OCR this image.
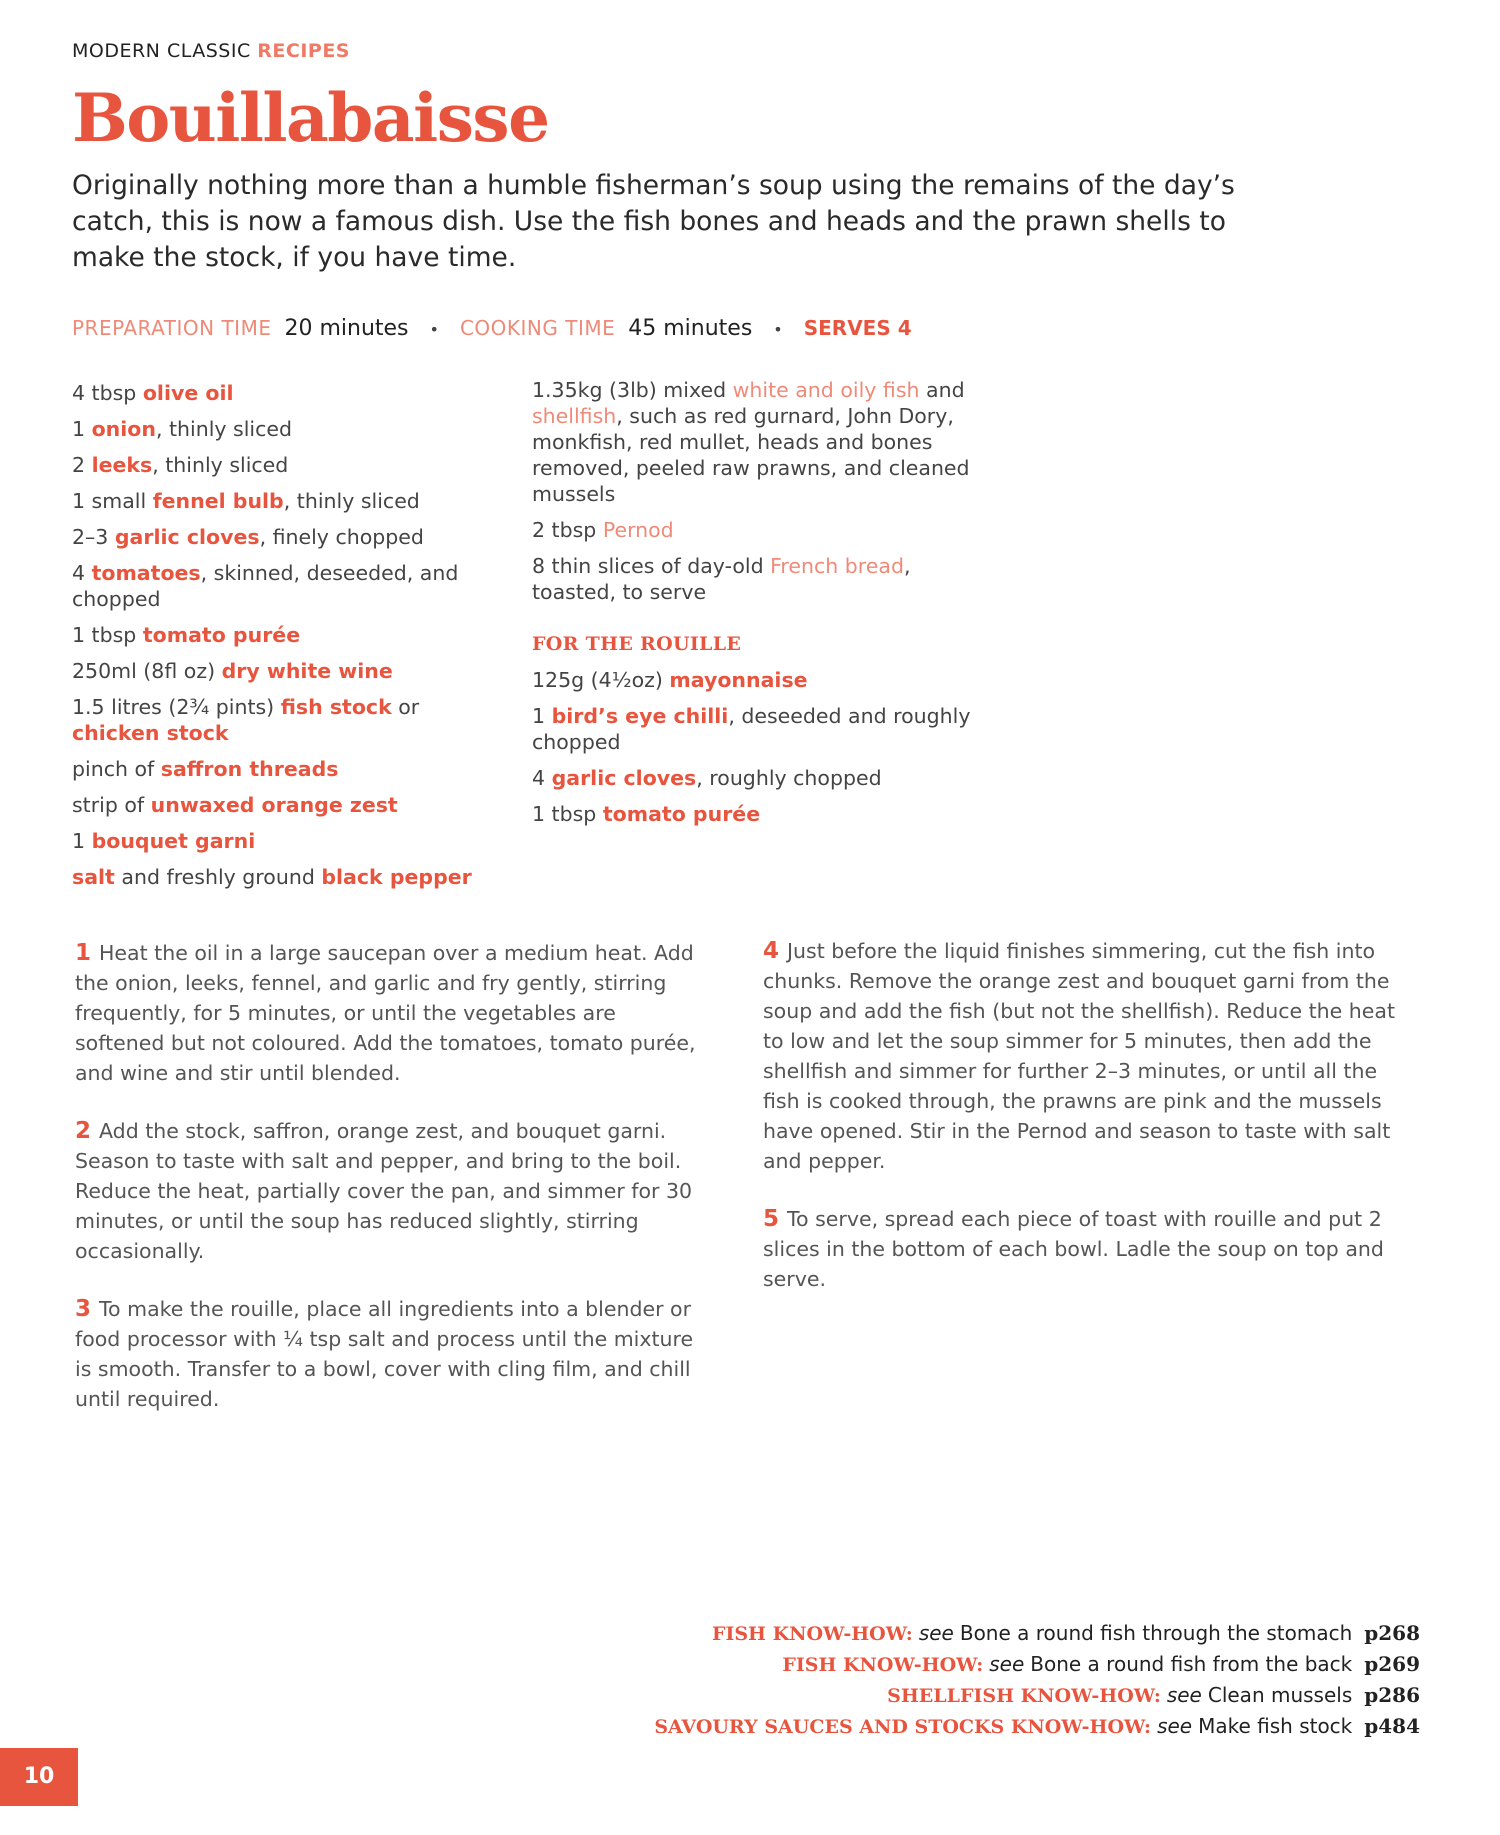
MODERN CLASSIC RECIPES
Bouillabaisse

Originally nothing more than a humble fisherman’s soup using the remains of the day’s catch, this is now a famous dish. Use the fish bones and heads and the prawn shells to make the stock, if you have time.

PREPARATION TIME 20 minutes • COOKING TIME 45 minutes • SERVES 4
4 tbsp olive oil
1 onion, thinly sliced
2 leeks, thinly sliced
1 small fennel bulb, thinly sliced
2–3 garlic cloves, finely chopped
4 tomatoes, skinned, deseeded, and chopped
1 tbsp tomato purée
250ml (8fl oz) dry white wine
1.5 litres (2¾ pints) fish stock or chicken stock
pinch of saffron threads
strip of unwaxed orange zest
1 bouquet garni
salt and freshly ground black pepper
1.35kg (3lb) mixed white and oily fish and shellfish, such as red gurnard, John Dory, monkfish, red mullet, heads and bones removed, peeled raw prawns, and cleaned mussels
2 tbsp Pernod
8 thin slices of day-old French bread, toasted, to serve
FOR THE ROUILLE
125g (4½oz) mayonnaise
1 bird’s eye chilli, deseeded and roughly chopped
4 garlic cloves, roughly chopped
1 tbsp tomato purée

1 Heat the oil in a large saucepan over a medium heat. Add the onion, leeks, fennel, and garlic and fry gently, stirring frequently, for 5 minutes, or until the vegetables are softened but not coloured. Add the tomatoes, tomato purée, and wine and stir until blended.

2 Add the stock, saffron, orange zest, and bouquet garni. Season to taste with salt and pepper, and bring to the boil. Reduce the heat, partially cover the pan, and simmer for 30 minutes, or until the soup has reduced slightly, stirring occasionally.

3 To make the rouille, place all ingredients into a blender or food processor with ¼ tsp salt and process until the mixture is smooth. Transfer to a bowl, cover with cling film, and chill until required.

4 Just before the liquid finishes simmering, cut the fish into chunks. Remove the orange zest and bouquet garni from the soup and add the fish (but not the shellfish). Reduce the heat to low and let the soup simmer for 5 minutes, then add the shellfish and simmer for further 2–3 minutes, or until all the fish is cooked through, the prawns are pink and the mussels have opened. Stir in the Pernod and season to taste with salt and pepper.

5 To serve, spread each piece of toast with rouille and put 2 slices in the bottom of each bowl. Ladle the soup on top and serve.

FISH KNOW-HOW: see Bone a round fish through the stomach p268
FISH KNOW-HOW: see Bone a round fish from the back p269
SHELLFISH KNOW-HOW: see Clean mussels p286
SAVOURY SAUCES AND STOCKS KNOW-HOW: see Make fish stock p484
10
